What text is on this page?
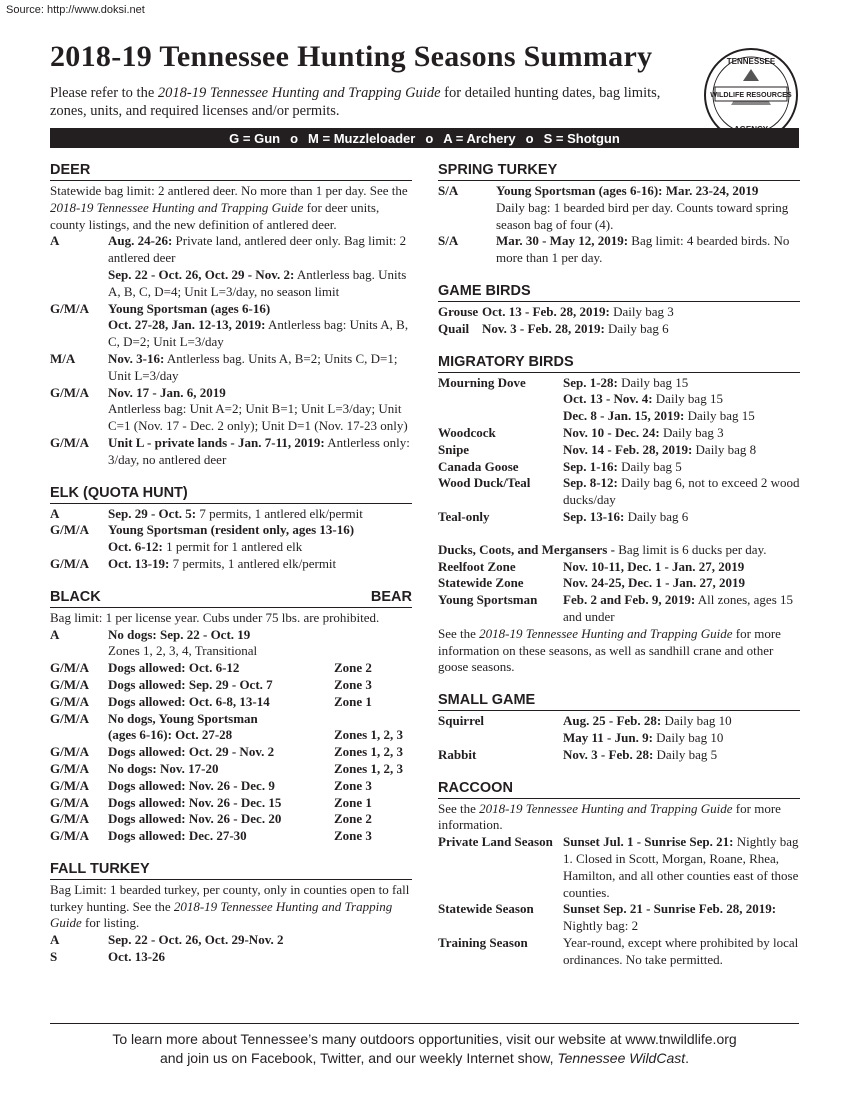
Source: http://www.doksi.net
2018-19 Tennessee Hunting Seasons Summary
Please refer to the 2018-19 Tennessee Hunting and Trapping Guide for detailed hunting dates, bag limits, zones, units, and required licenses and/or permits.
WILDLIFE RESOURCES
TENNESSEE
G = Gun o M = Muzzleloader o A = Archery o S = Shotgun
DEER
Statewide bag limit: 2 antlered deer. No more than 1 per day. See the 2018-19 Tennessee Hunting and Trapping Guide for deer units, county listings, and the new definition of antlered deer.
A	Aug. 24-26: Private land, antlered deer only. Bag limit: 2 antlered deer
Sep. 22 - Oct. 26, Oct. 29 - Nov. 2: Antlerless bag. Units A, B, C, D=4; Unit L=3/day, no season limit
G/M/A	Young Sportsman (ages 6-16)
Oct. 27-28, Jan. 12-13, 2019: Antlerless bag: Units A, B, C, D=2; Unit L=3/day
M/A	Nov. 3-16: Antlerless bag. Units A, B=2; Units C, D=1; Unit L=3/day
G/M/A	Nov. 17 - Jan. 6, 2019
Antlerless bag: Unit A=2; Unit B=1; Unit L=3/day; Unit C=1 (Nov. 17 - Dec. 2 only); Unit D=1 (Nov. 17-23 only)
G/M/A	Unit L - private lands - Jan. 7-11, 2019: Antlerless only: 3/day, no antlered deer
ELK (QUOTA HUNT)
A	Sep. 29 - Oct. 5: 7 permits, 1 antlered elk/permit
G/M/A	Young Sportsman (resident only, ages 13-16)
Oct. 6-12: 1 permit for 1 antlered elk
G/M/A	Oct. 13-19: 7 permits, 1 antlered elk/permit
BLACK	BEAR
Bag limit: 1 per license year. Cubs under 75 lbs. are prohibited.
A	No dogs: Sep. 22 - Oct. 19
Zones 1, 2, 3, 4, Transitional
G/M/A	Dogs allowed: Oct. 6-12	Zone 2
G/M/A	Dogs allowed: Sep. 29 - Oct. 7	Zone 3
G/M/A	Dogs allowed: Oct. 6-8, 13-14	Zone 1
G/M/A	No dogs, Young Sportsman
(ages 6-16): Oct. 27-28	Zones 1, 2, 3
G/M/A	Dogs allowed: Oct. 29 - Nov. 2	Zones 1, 2, 3
G/M/A	No dogs: Nov. 17-20	Zones 1, 2, 3
G/M/A	Dogs allowed: Nov. 26 - Dec. 9	Zone 3
G/M/A	Dogs allowed: Nov. 26 - Dec. 15	Zone 1
G/M/A	Dogs allowed: Nov. 26 - Dec. 20	Zone 2
G/M/A	Dogs allowed: Dec. 27-30	Zone 3
FALL TURKEY
Bag Limit: 1 bearded turkey, per county, only in counties open to fall turkey hunting. See the 2018-19 Tennessee Hunting and Trapping Guide for listing.
A	Sep. 22 - Oct. 26, Oct. 29-Nov. 2
S	Oct. 13-26
SPRING TURKEY
S/A	Young Sportsman (ages 6-16): Mar. 23-24, 2019
Daily bag: 1 bearded bird per day. Counts toward spring season bag of four (4).
S/A	Mar. 30 - May 12, 2019: Bag limit: 4 bearded birds. No more than 1 per day.
GAME BIRDS
Grouse Oct. 13 - Feb. 28, 2019: Daily bag 3
Quail Nov. 3 - Feb. 28, 2019: Daily bag 6
MIGRATORY BIRDS
Mourning Dove	Sep. 1-28: Daily bag 15
Oct. 13 - Nov. 4: Daily bag 15
Dec. 8 - Jan. 15, 2019: Daily bag 15
Woodcock	Nov. 10 - Dec. 24: Daily bag 3
Snipe	Nov. 14 - Feb. 28, 2019: Daily bag 8
Canada Goose	Sep. 1-16: Daily bag 5
Wood Duck/Teal	Sep. 8-12: Daily bag 6, not to exceed 2 wood ducks/day
Teal-only	Sep. 13-16: Daily bag 6
Ducks, Coots, and Mergansers - Bag limit is 6 ducks per day.
Reelfoot Zone	Nov. 10-11, Dec. 1 - Jan. 27, 2019
Statewide Zone	Nov. 24-25, Dec. 1 - Jan. 27, 2019
Young Sportsman	Feb. 2 and Feb. 9, 2019: All zones, ages 15 and under
See the 2018-19 Tennessee Hunting and Trapping Guide for more information on these seasons, as well as sandhill crane and other goose seasons.
SMALL GAME
Squirrel	Aug. 25 - Feb. 28: Daily bag 10
May 11 - Jun. 9: Daily bag 10
Rabbit	Nov. 3 - Feb. 28: Daily bag 5
RACCOON
See the 2018-19 Tennessee Hunting and Trapping Guide for more information.
Private Land Season Sunset Jul. 1 - Sunrise Sep. 21: Nightly bag 1. Closed in Scott, Morgan, Roane, Rhea, Hamilton, and all other counties east of those counties.
Statewide Season	Sunset Sep. 21 - Sunrise Feb. 28, 2019:
Nightly bag: 2
Training Season	Year-round, except where prohibited by local ordinances. No take permitted.
To learn more about Tennessee’s many outdoors opportunities, visit our website at www.tnwildlife.org
and join us on Facebook, Twitter, and our weekly Internet show, Tennessee WildCast.
